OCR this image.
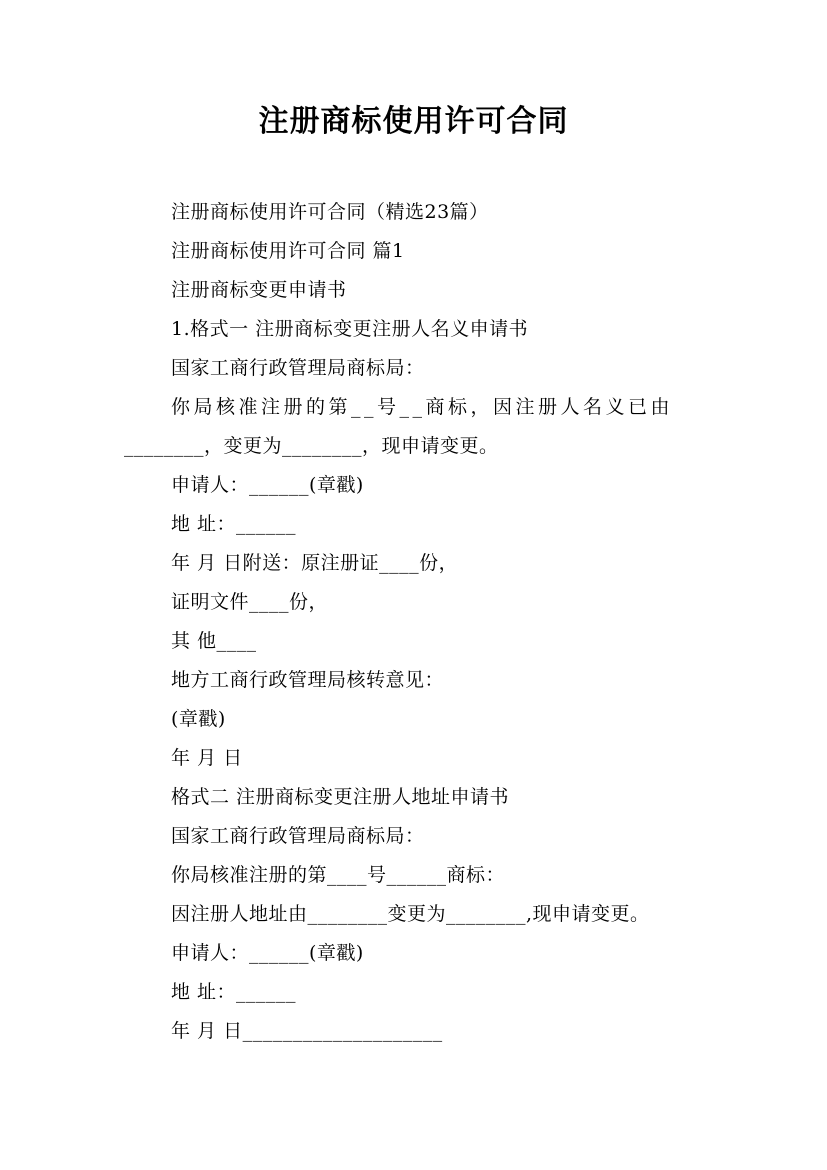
注册商标使用许可合同
注册商标使用许可合同（精选23篇）
注册商标使用许可合同 篇1
注册商标变更申请书
1.格式一 注册商标变更注册人名义申请书
国家工商行政管理局商标局：
你局核准注册的第__号__商标，因注册人名义已由
________，变更为________，现申请变更。
申请人：______(章戳)
地 址：______
年 月 日附送：原注册证____份，
证明文件____份，
其 他____
地方工商行政管理局核转意见：
(章戳)
年 月 日
格式二 注册商标变更注册人地址申请书
国家工商行政管理局商标局：
你局核准注册的第____号______商标：
因注册人地址由________变更为________,现申请变更。
申请人：______(章戳)
地 址：______
年 月 日____________________
